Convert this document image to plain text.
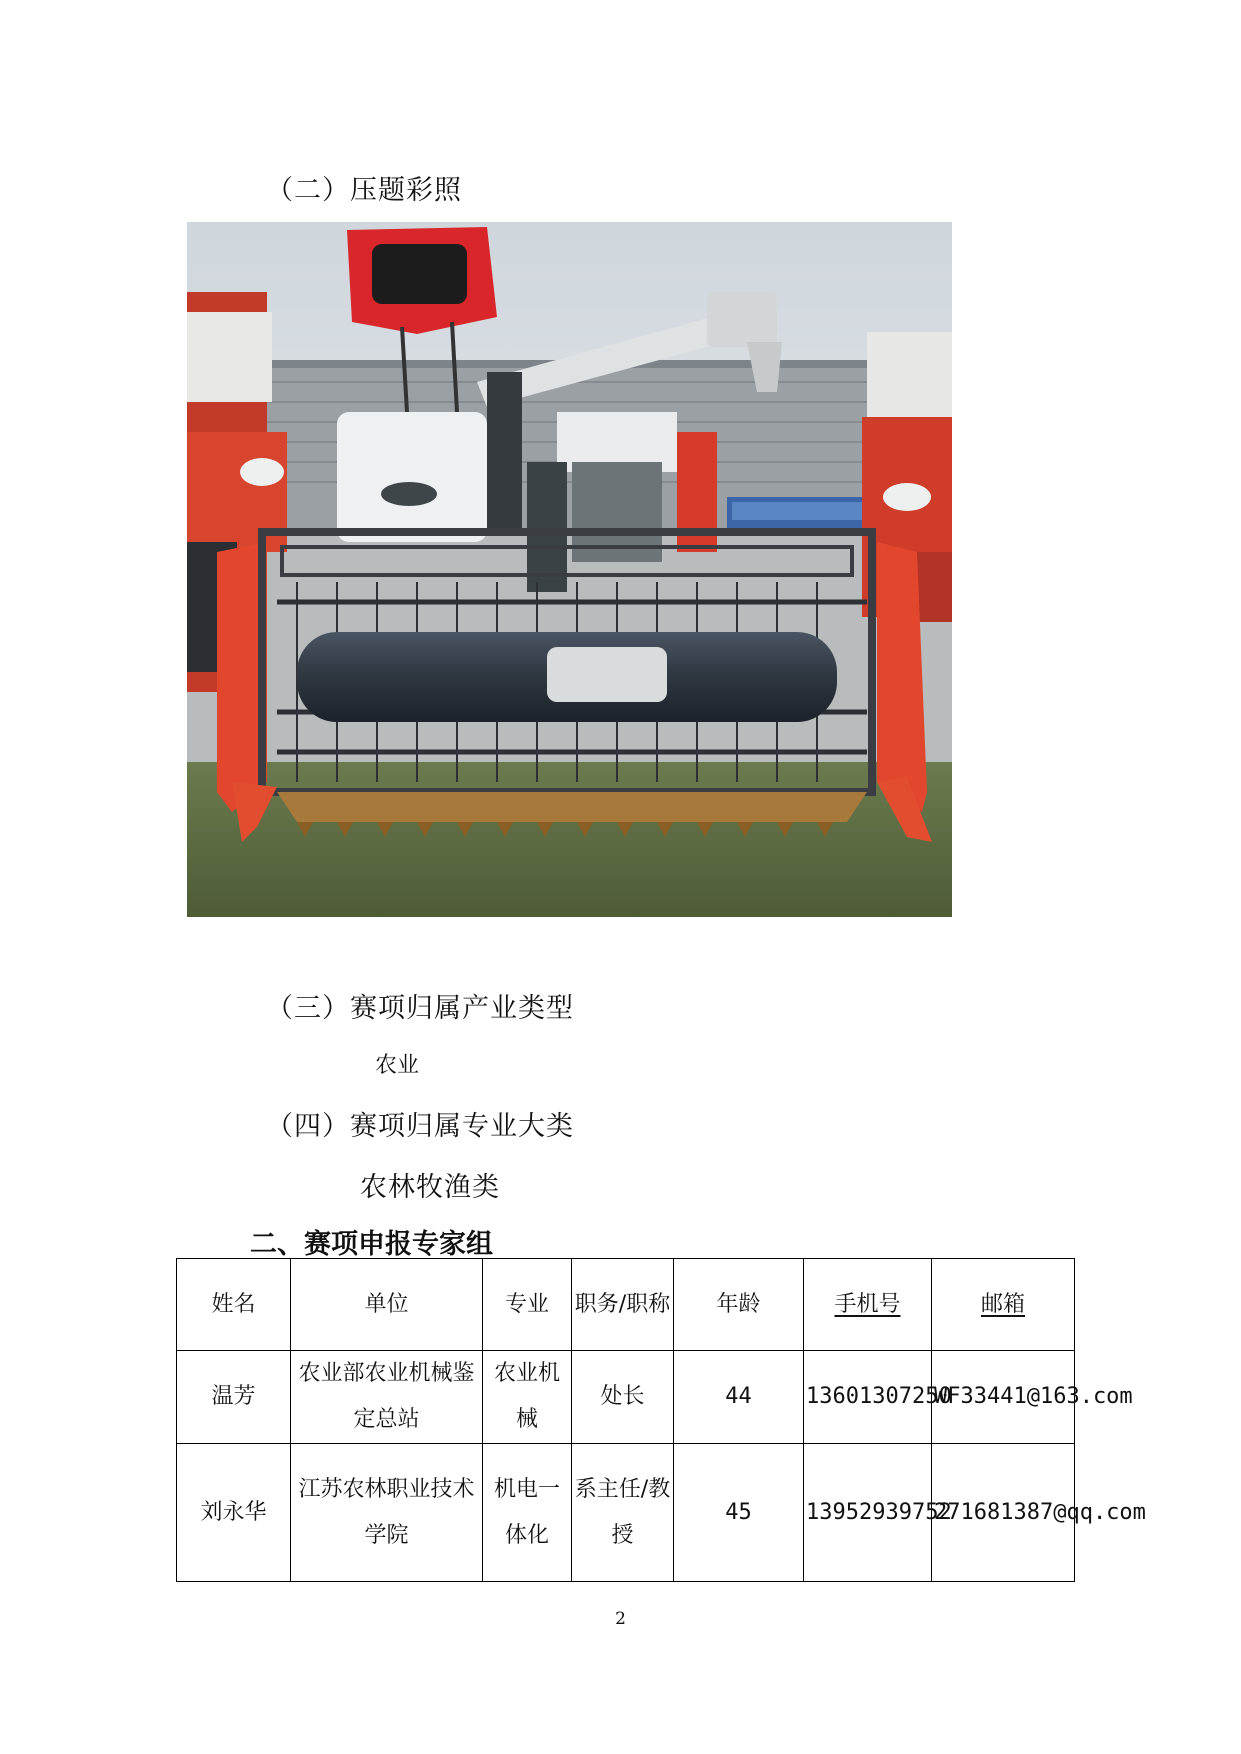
（二）压题彩照
（三）赛项归属产业类型
农业
（四）赛项归属专业大类
农林牧渔类
二、赛项申报专家组
姓名	单位	专业	职务/职称	年龄	手机号	邮箱
温芳	农业部农业机械鉴定总站	农业机械	处长	44	13601307250	WF33441@163.com
刘永华	江苏农林职业技术学院	机电一体化	系主任/教授	45	13952939752	271681387@qq.com
2
